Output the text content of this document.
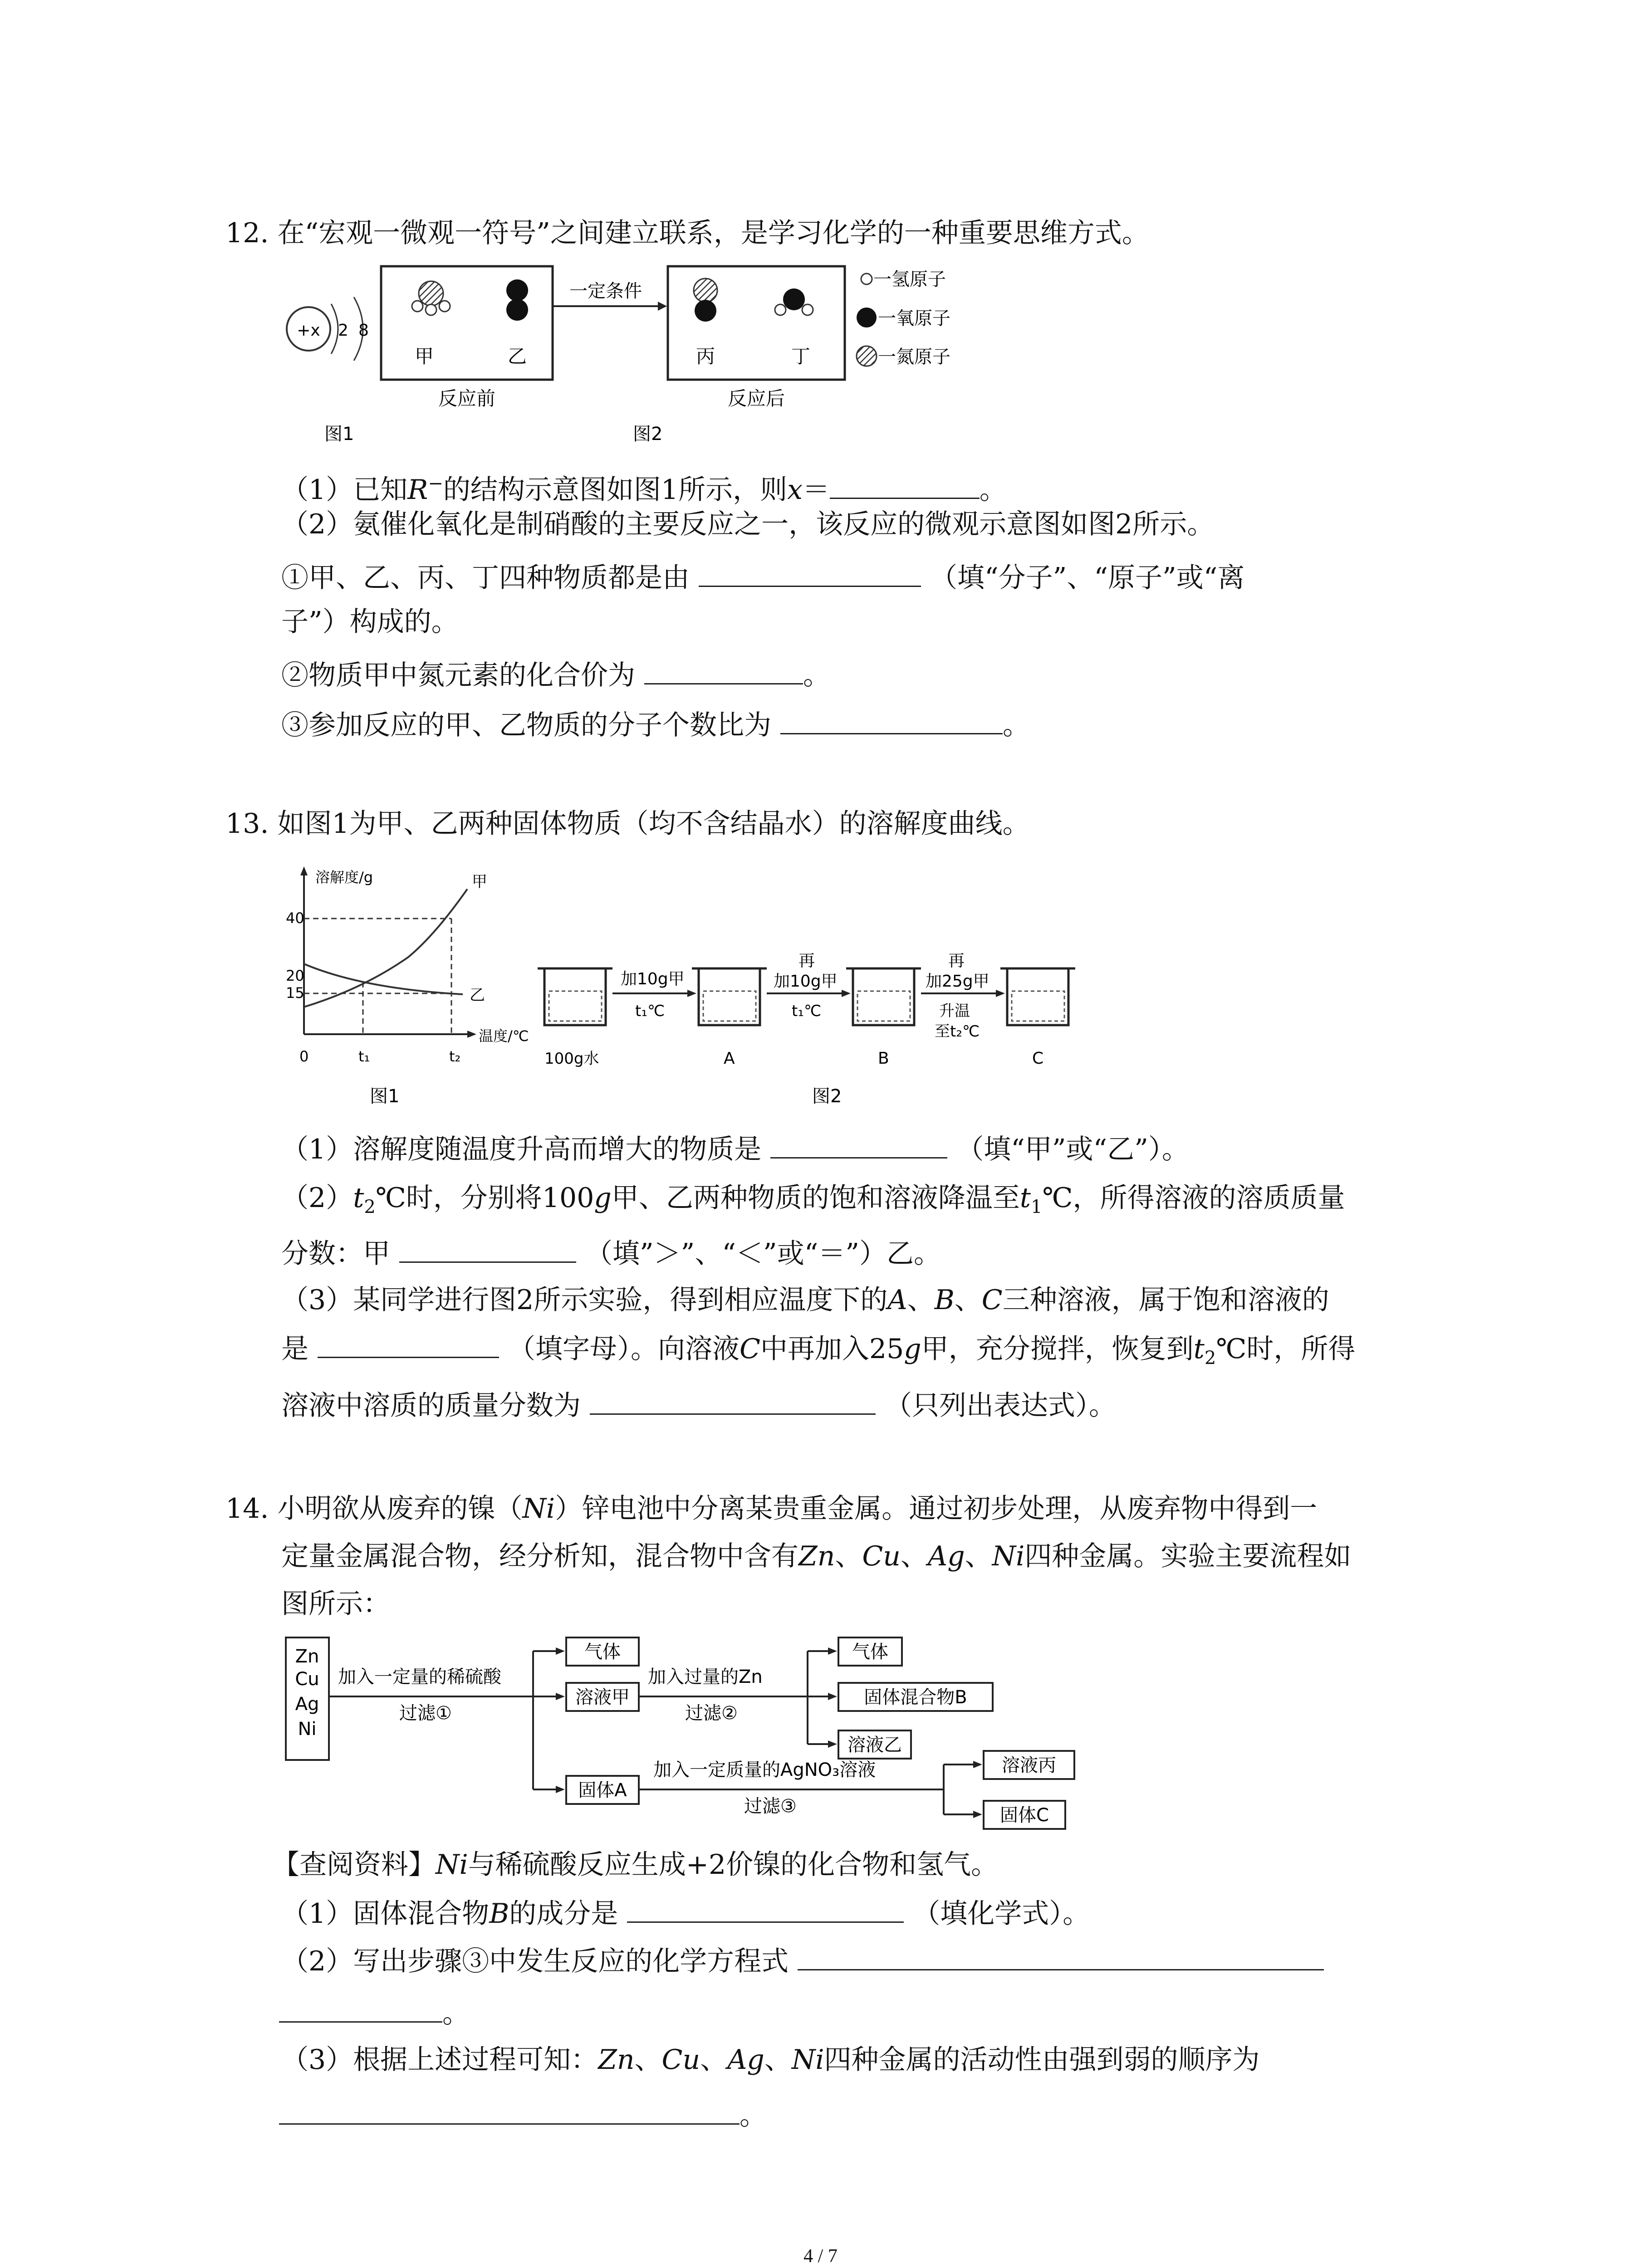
12. 在“宏观一微观一符号”之间建立联系，是学习化学的一种重要思维方式。
+x 2 8
图1
甲	乙
反应前
一定条件
丙	丁
反应后
图2
一氢原子
一氧原子
一氮原子
（1）已知R−的结构示意图如图1所示，则x＝	。
（2）氨催化氧化是制硝酸的主要反应之一，该反应的微观示意图如图2所示。
①甲、乙、丙、丁四种物质都是由	（填“分子”、“原子”或“离
子”）构成的。
②物质甲中氮元素的化合价为	。
③参加反应的甲、乙物质的分子个数比为	。
13. 如图1为甲、乙两种固体物质（均不含结晶水）的溶解度曲线。
溶解度/g
温度/℃
40
20
15
0	t₁	t₂
甲
乙
图1
加10g甲
t₁℃
再
加10g甲
t₁℃
再
加25g甲
升温
至t₂℃
100g水	A	B	C
图2
（1）溶解度随温度升高而增大的物质是	（填“甲”或“乙”）。
$(2)t_2℃$时，分别将100g甲、乙两种物质的饱和溶液降温至$t_1℃$，所得溶液的溶质质量
分数：甲	（填”＞”、“＜”或“＝”）乙。
（3）某同学进行图2所示实验，得到相应温度下的A、B、C三种溶液，属于饱和溶液的
是	（填字母）。向溶液C中再加入25g甲，充分搅拌，恢复到$t_2℃$时，所得
溶液中溶质的质量分数为	（只列出表达式）。
14. 小明欲从废弃的镍（Ni）锌电池中分离某贵重金属。通过初步处理，从废弃物中得到一
定量金属混合物，经分析知，混合物中含有Zn、Cu、Ag、Ni四种金属。实验主要流程如
图所示：
Zn
Cu
Ag
Ni
加入一定量的稀硫酸
过滤①
气体
溶液甲
加入过量的Zn
过滤②
气体
固体混合物B
溶液乙
固体A
加入一定质量的AgNO₃溶液
过滤③
溶液丙
固体C
【查阅资料】Ni与稀硫酸反应生成+2价镍的化合物和氢气。
（1）固体混合物B的成分是	（填化学式）。
（2）写出步骤③中发生反应的化学方程式
。
（3）根据上述过程可知：Zn、Cu、Ag、Ni四种金属的活动性由强到弱的顺序为
。
4 / 7
